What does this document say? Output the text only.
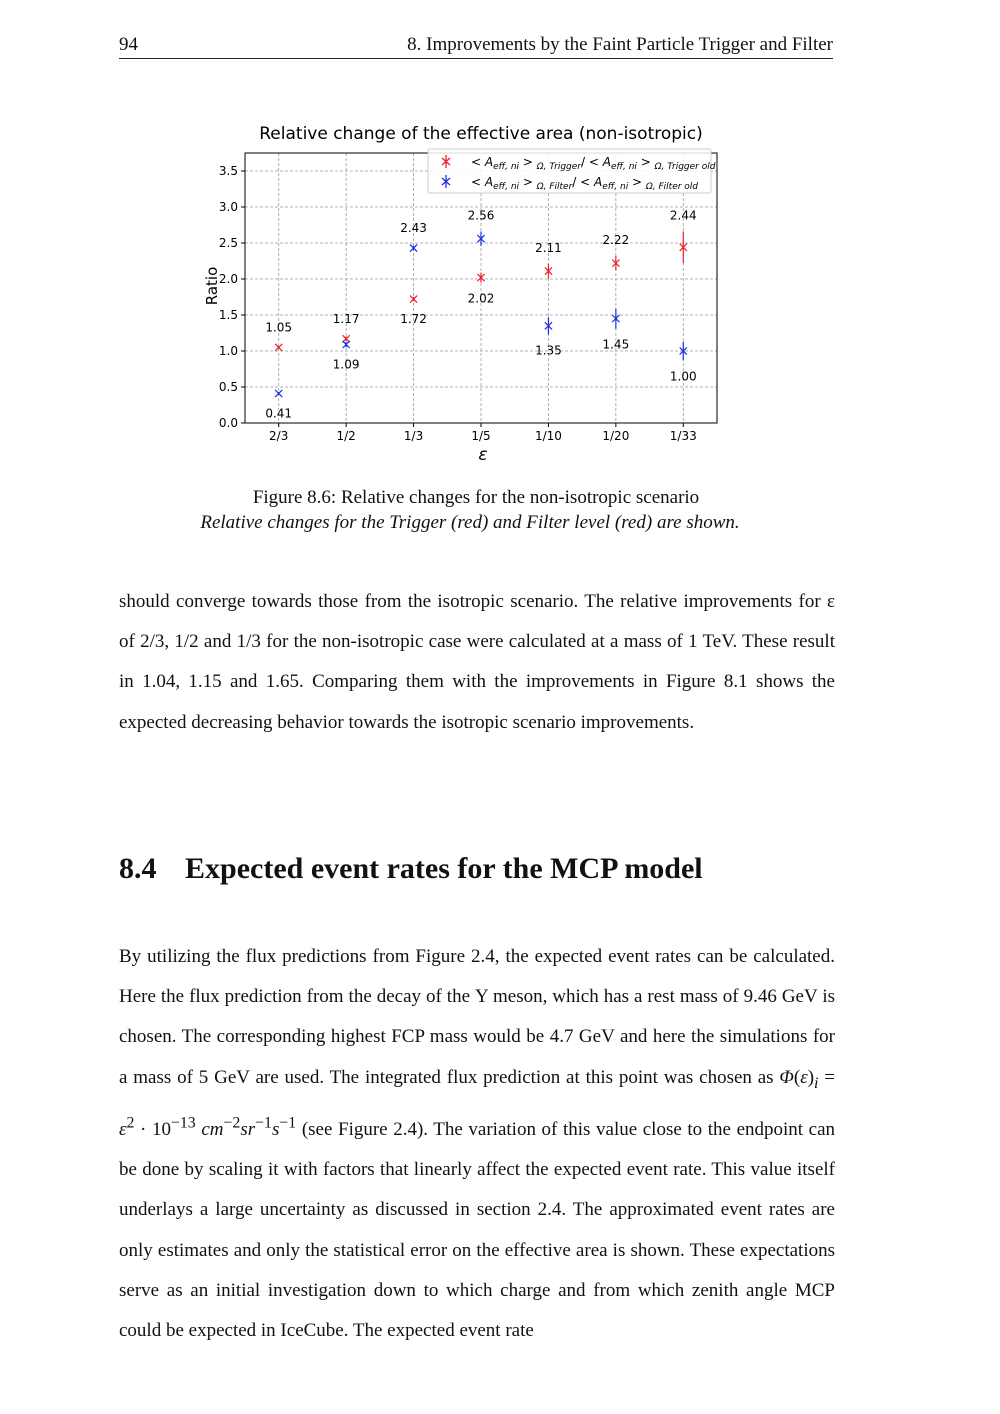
94	8. Improvements by the Faint Particle Trigger and Filter
0.0
0.5
1.0
1.5
2.0
2.5
3.0
3.5
2/3	1/2	1/3	1/5	1/10	1/20	1/33
1.05
1.17	1.72
2.02
2.11
2.22
2.44
0.41
1.09
2.43
2.56
1.35	1.45
1.00
Relative change of the effective area (non-isotropic)
ε
Ratio
< $A_{eff, ni} > _{\Omega, Trigger}/ < A_{eff, ni} > _{\Omega, Trigger old}$
< $A_{eff, ni} > _{\Omega, Filter}/ < A_{eff, ni} > _{\Omega, Filter old}$
Figure 8.6: Relative changes for the non-isotropic scenario
Relative changes for the Trigger (red) and Filter level (red) are shown.

should converge towards those from the isotropic scenario. The relative improvements for ε of 2/3, 1/2 and 1/3 for the non-isotropic case were calculated at a mass of 1 TeV. These result in 1.04, 1.15 and 1.65. Comparing them with the improvements in Figure 8.1 shows the expected decreasing behavior towards the isotropic scenario improvements.

8.4 Expected event rates for the MCP model

By utilizing the flux predictions from Figure 2.4, the expected event rates can be calculated. Here the flux prediction from the decay of the Υ meson, which has a rest mass of 9.46 GeV is chosen. The corresponding highest FCP mass would be 4.7 GeV and here the simulations for a mass of 5 GeV are used. The integrated flux prediction at this point was chosen as $\Phi(\varepsilon)_i = \varepsilon^2 \cdot 10^{-13}$ $cm^{-2}sr^{-1}s^{-1}$ (see Figure 2.4). The variation of this value close to the endpoint can be done by scaling it with factors that linearly affect the expected event rate. This value itself underlays a large uncertainty as discussed in section 2.4. The approximated event rates are only estimates and only the statistical error on the effective area is shown. These expectations serve as an initial investigation down to which charge and from which zenith angle MCP could be expected in IceCube. The expected event rate
